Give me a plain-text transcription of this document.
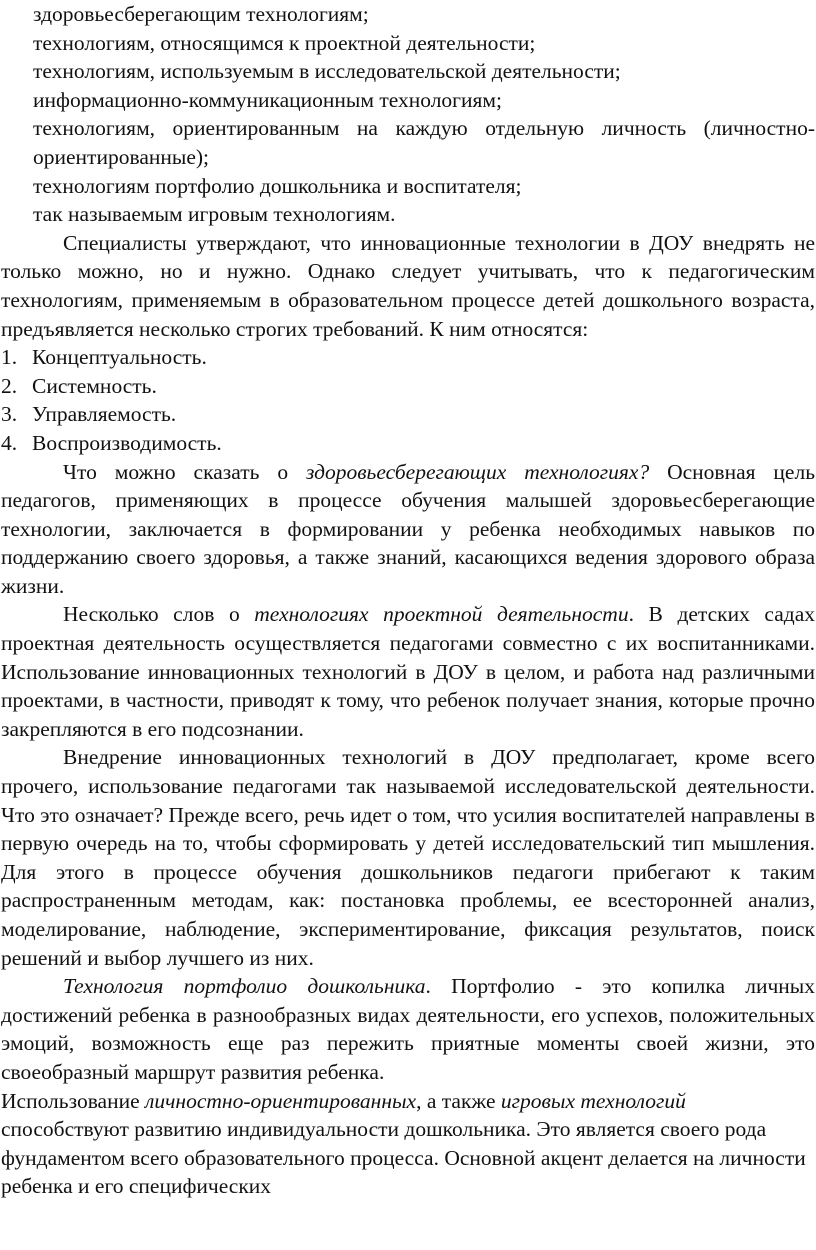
здоровьесберегающим технологиям;
технологиям, относящимся к проектной деятельности;
технологиям, используемым в исследовательской деятельности;
информационно-коммуникационным технологиям;
технологиям, ориентированным на каждую отдельную личность (личностно-ориентированные);
технологиям портфолио дошкольника и воспитателя;
так называемым игровым технологиям.

Специалисты утверждают, что инновационные технологии в ДОУ внедрять не только можно, но и нужно. Однако следует учитывать, что к педагогическим технологиям, применяемым в образовательном процессе детей дошкольного возраста, предъявляется несколько строгих требований. К ним относятся:

1. Концептуальность.
2. Системность.
3. Управляемость.
4. Воспроизводимость.

Что можно сказать о здоровьесберегающих технологиях? Основная цель педагогов, применяющих в процессе обучения малышей здоровьесберегающие технологии, заключается в формировании у ребенка необходимых навыков по поддержанию своего здоровья, а также знаний, касающихся ведения здорового образа жизни.

Несколько слов о технологиях проектной деятельности. В детских садах проектная деятельность осуществляется педагогами совместно с их воспитанниками. Использование инновационных технологий в ДОУ в целом, и работа над различными проектами, в частности, приводят к тому, что ребенок получает знания, которые прочно закрепляются в его подсознании.

Внедрение инновационных технологий в ДОУ предполагает, кроме всего прочего, использование педагогами так называемой исследовательской деятельности. Что это означает? Прежде всего, речь идет о том, что усилия воспитателей направлены в первую очередь на то, чтобы сформировать у детей исследовательский тип мышления. Для этого в процессе обучения дошкольников педагоги прибегают к таким распространенным методам, как: постановка проблемы, ее всесторонней анализ, моделирование, наблюдение, экспериментирование, фиксация результатов, поиск решений и выбор лучшего из них.

Технология портфолио дошкольника. Портфолио - это копилка личных достижений ребенка в разнообразных видах деятельности, его успехов, положительных эмоций, возможность еще раз пережить приятные моменты своей жизни, это своеобразный маршрут развития ребенка.

Использование личностно-ориентированных, а также игровых технологий
способствуют развитию индивидуальности дошкольника. Это является своего рода фундаментом всего образовательного процесса. Основной акцент делается на личности ребенка и его специфических
